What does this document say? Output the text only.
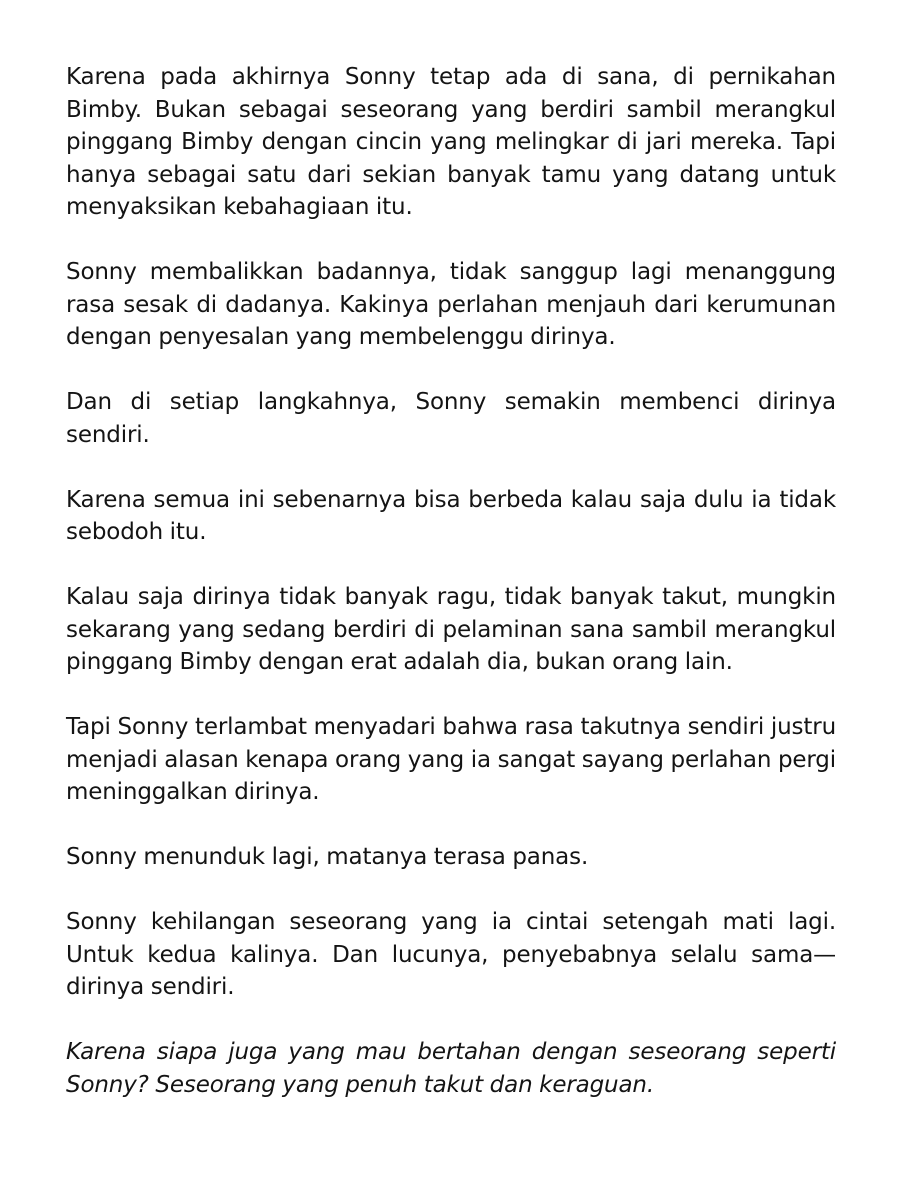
Karena pada akhirnya Sonny tetap ada di sana, di pernikahan Bimby. Bukan sebagai seseorang yang berdiri sambil merangkul pinggang Bimby dengan cincin yang melingkar di jari mereka. Tapi hanya sebagai satu dari sekian banyak tamu yang datang untuk menyaksikan kebahagiaan itu.

Sonny membalikkan badannya, tidak sanggup lagi menanggung rasa sesak di dadanya. Kakinya perlahan menjauh dari kerumunan dengan penyesalan yang membelenggu dirinya.

Dan di setiap langkahnya, Sonny semakin membenci dirinya sendiri.

Karena semua ini sebenarnya bisa berbeda kalau saja dulu ia tidak sebodoh itu.

Kalau saja dirinya tidak banyak ragu, tidak banyak takut, mungkin sekarang yang sedang berdiri di pelaminan sana sambil merangkul pinggang Bimby dengan erat adalah dia, bukan orang lain.

Tapi Sonny terlambat menyadari bahwa rasa takutnya sendiri justru menjadi alasan kenapa orang yang ia sangat sayang perlahan pergi meninggalkan dirinya.

Sonny menunduk lagi, matanya terasa panas.

Sonny kehilangan seseorang yang ia cintai setengah mati lagi. Untuk kedua kalinya. Dan lucunya, penyebabnya selalu sama—dirinya sendiri.

Karena siapa juga yang mau bertahan dengan seseorang seperti Sonny? Seseorang yang penuh takut dan keraguan.
